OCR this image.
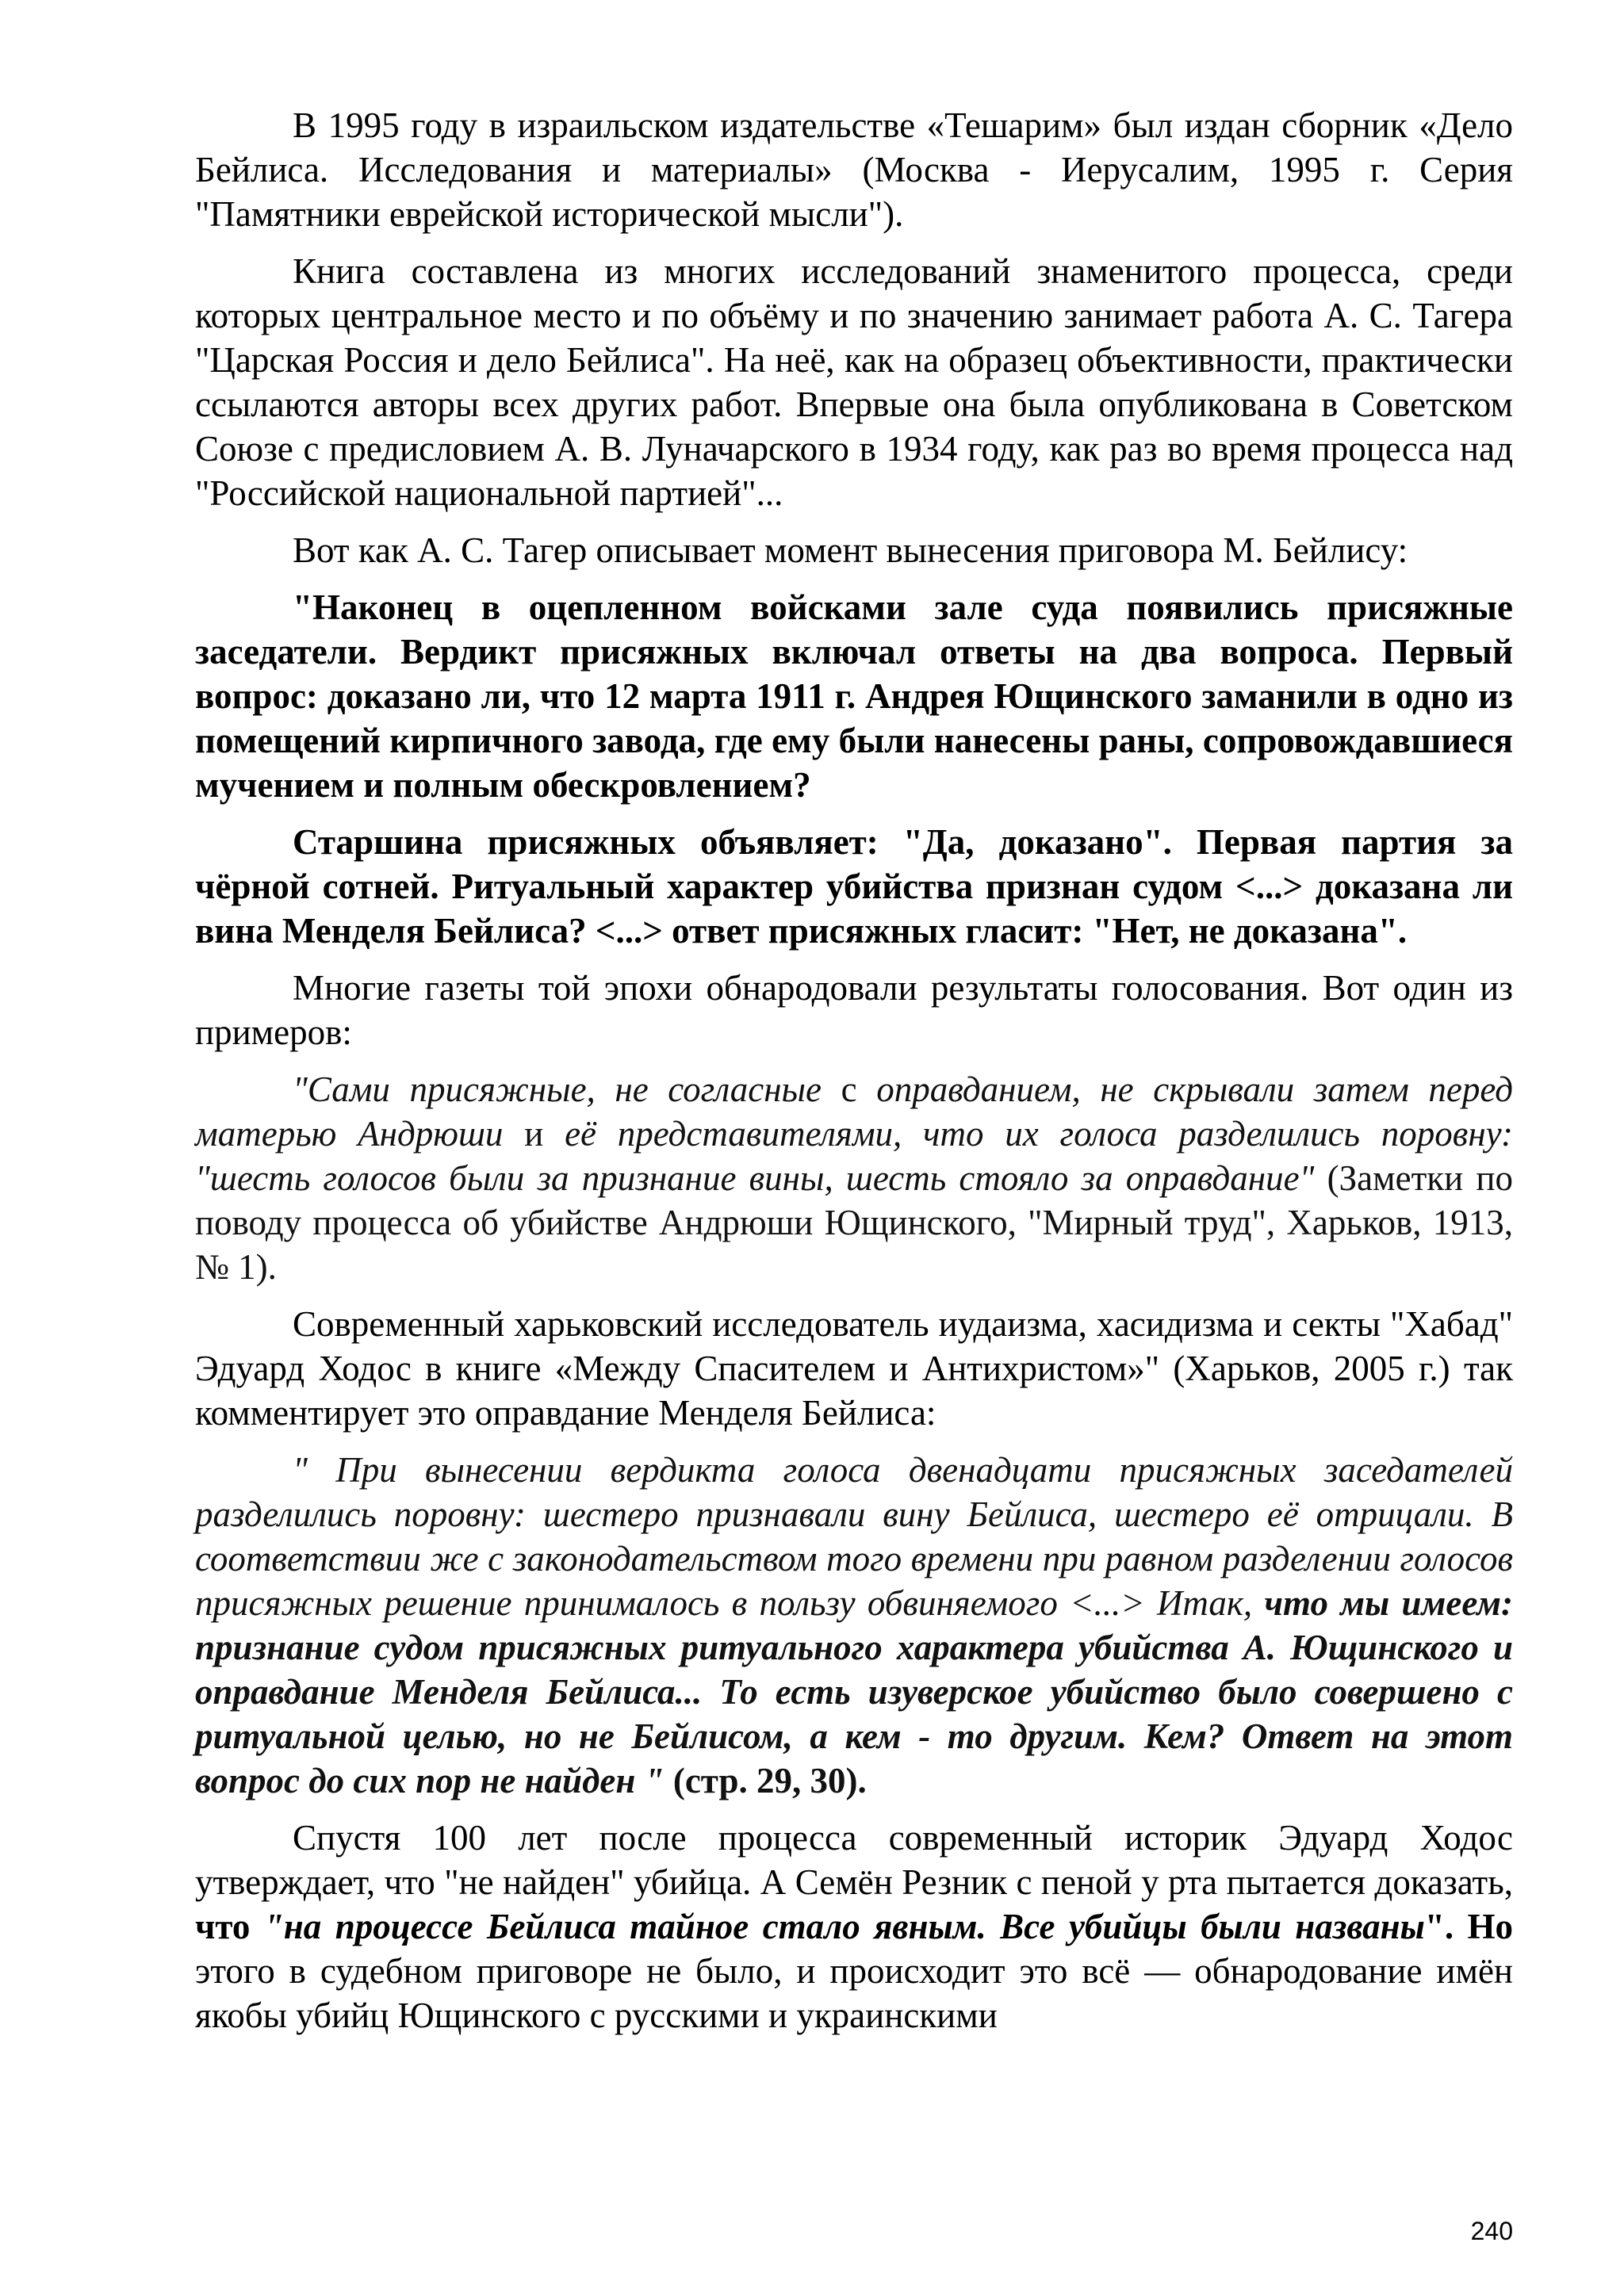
В 1995 году в израильском издательстве «Тешарим» был издан сборник «Дело Бейлиса. Исследования и материалы» (Москва - Иерусалим, 1995 г. Серия "Памятники еврейской исторической мысли").

Книга составлена из многих исследований знаменитого процесса, среди которых центральное место и по объёму и по значению занимает работа А. С. Тагера "Царская Россия и дело Бейлиса". На неё, как на образец объективности, практически ссылаются авторы всех других работ. Впервые она была опубликована в Советском Союзе с предисловием А. В. Луначарского в 1934 году, как раз во время процесса над "Российской национальной партией"...

Вот как А. С. Тагер описывает момент вынесения приговора М. Бейлису:

"Наконец в оцепленном войсками зале суда появились присяжные заседатели. Вердикт присяжных включал ответы на два вопроса. Первый вопрос: доказано ли, что 12 марта 1911 г. Андрея Ющинского заманили в одно из помещений кирпичного завода, где ему были нанесены раны, сопровождавшиеся мучением и полным обескровлением?

Старшина присяжных объявляет: "Да, доказано". Первая партия за чёрной сотней. Ритуальный характер убийства признан судом <...> доказана ли вина Менделя Бейлиса? <...> ответ присяжных гласит: "Нет, не доказана".

Многие газеты той эпохи обнародовали результаты голосования. Вот один из примеров:

"Сами присяжные, не согласные с оправданием, не скрывали затем перед матерью Андрюши и её представителями, что их голоса разделились поровну: "шесть голосов были за признание вины, шесть стояло за оправдание" (Заметки по поводу процесса об убийстве Андрюши Ющинского, "Мирный труд", Харьков, 1913, № 1).

Современный харьковский исследователь иудаизма, хасидизма и секты "Хабад" Эдуард Ходос в книге «Между Спасителем и Антихристом»" (Харьков, 2005 г.) так комментирует это оправдание Менделя Бейлиса:

" При вынесении вердикта голоса двенадцати присяжных заседателей разделились поровну: шестеро признавали вину Бейлиса, шестеро её отрицали. В соответствии же с законодательством того времени при равном разделении голосов присяжных решение принималось в пользу обвиняемого <...> Итак, что мы имеем: признание судом присяжных ритуального характера убийства А. Ющинского и оправдание Менделя Бейлиса... То есть изуверское убийство было совершено с ритуальной целью, но не Бейлисом, а кем - то другим. Кем? Ответ на этот вопрос до сих пор не найден " (стр. 29, 30).

Спустя 100 лет после процесса современный историк Эдуард Ходос утверждает, что "не найден" убийца. А Семён Резник с пеной у рта пытается доказать, что "на процессе Бейлиса тайное стало явным. Все убийцы были названы". Но этого в судебном приговоре не было, и происходит это всё — обнародование имён якобы убийц Ющинского с русскими и украинскими

240
